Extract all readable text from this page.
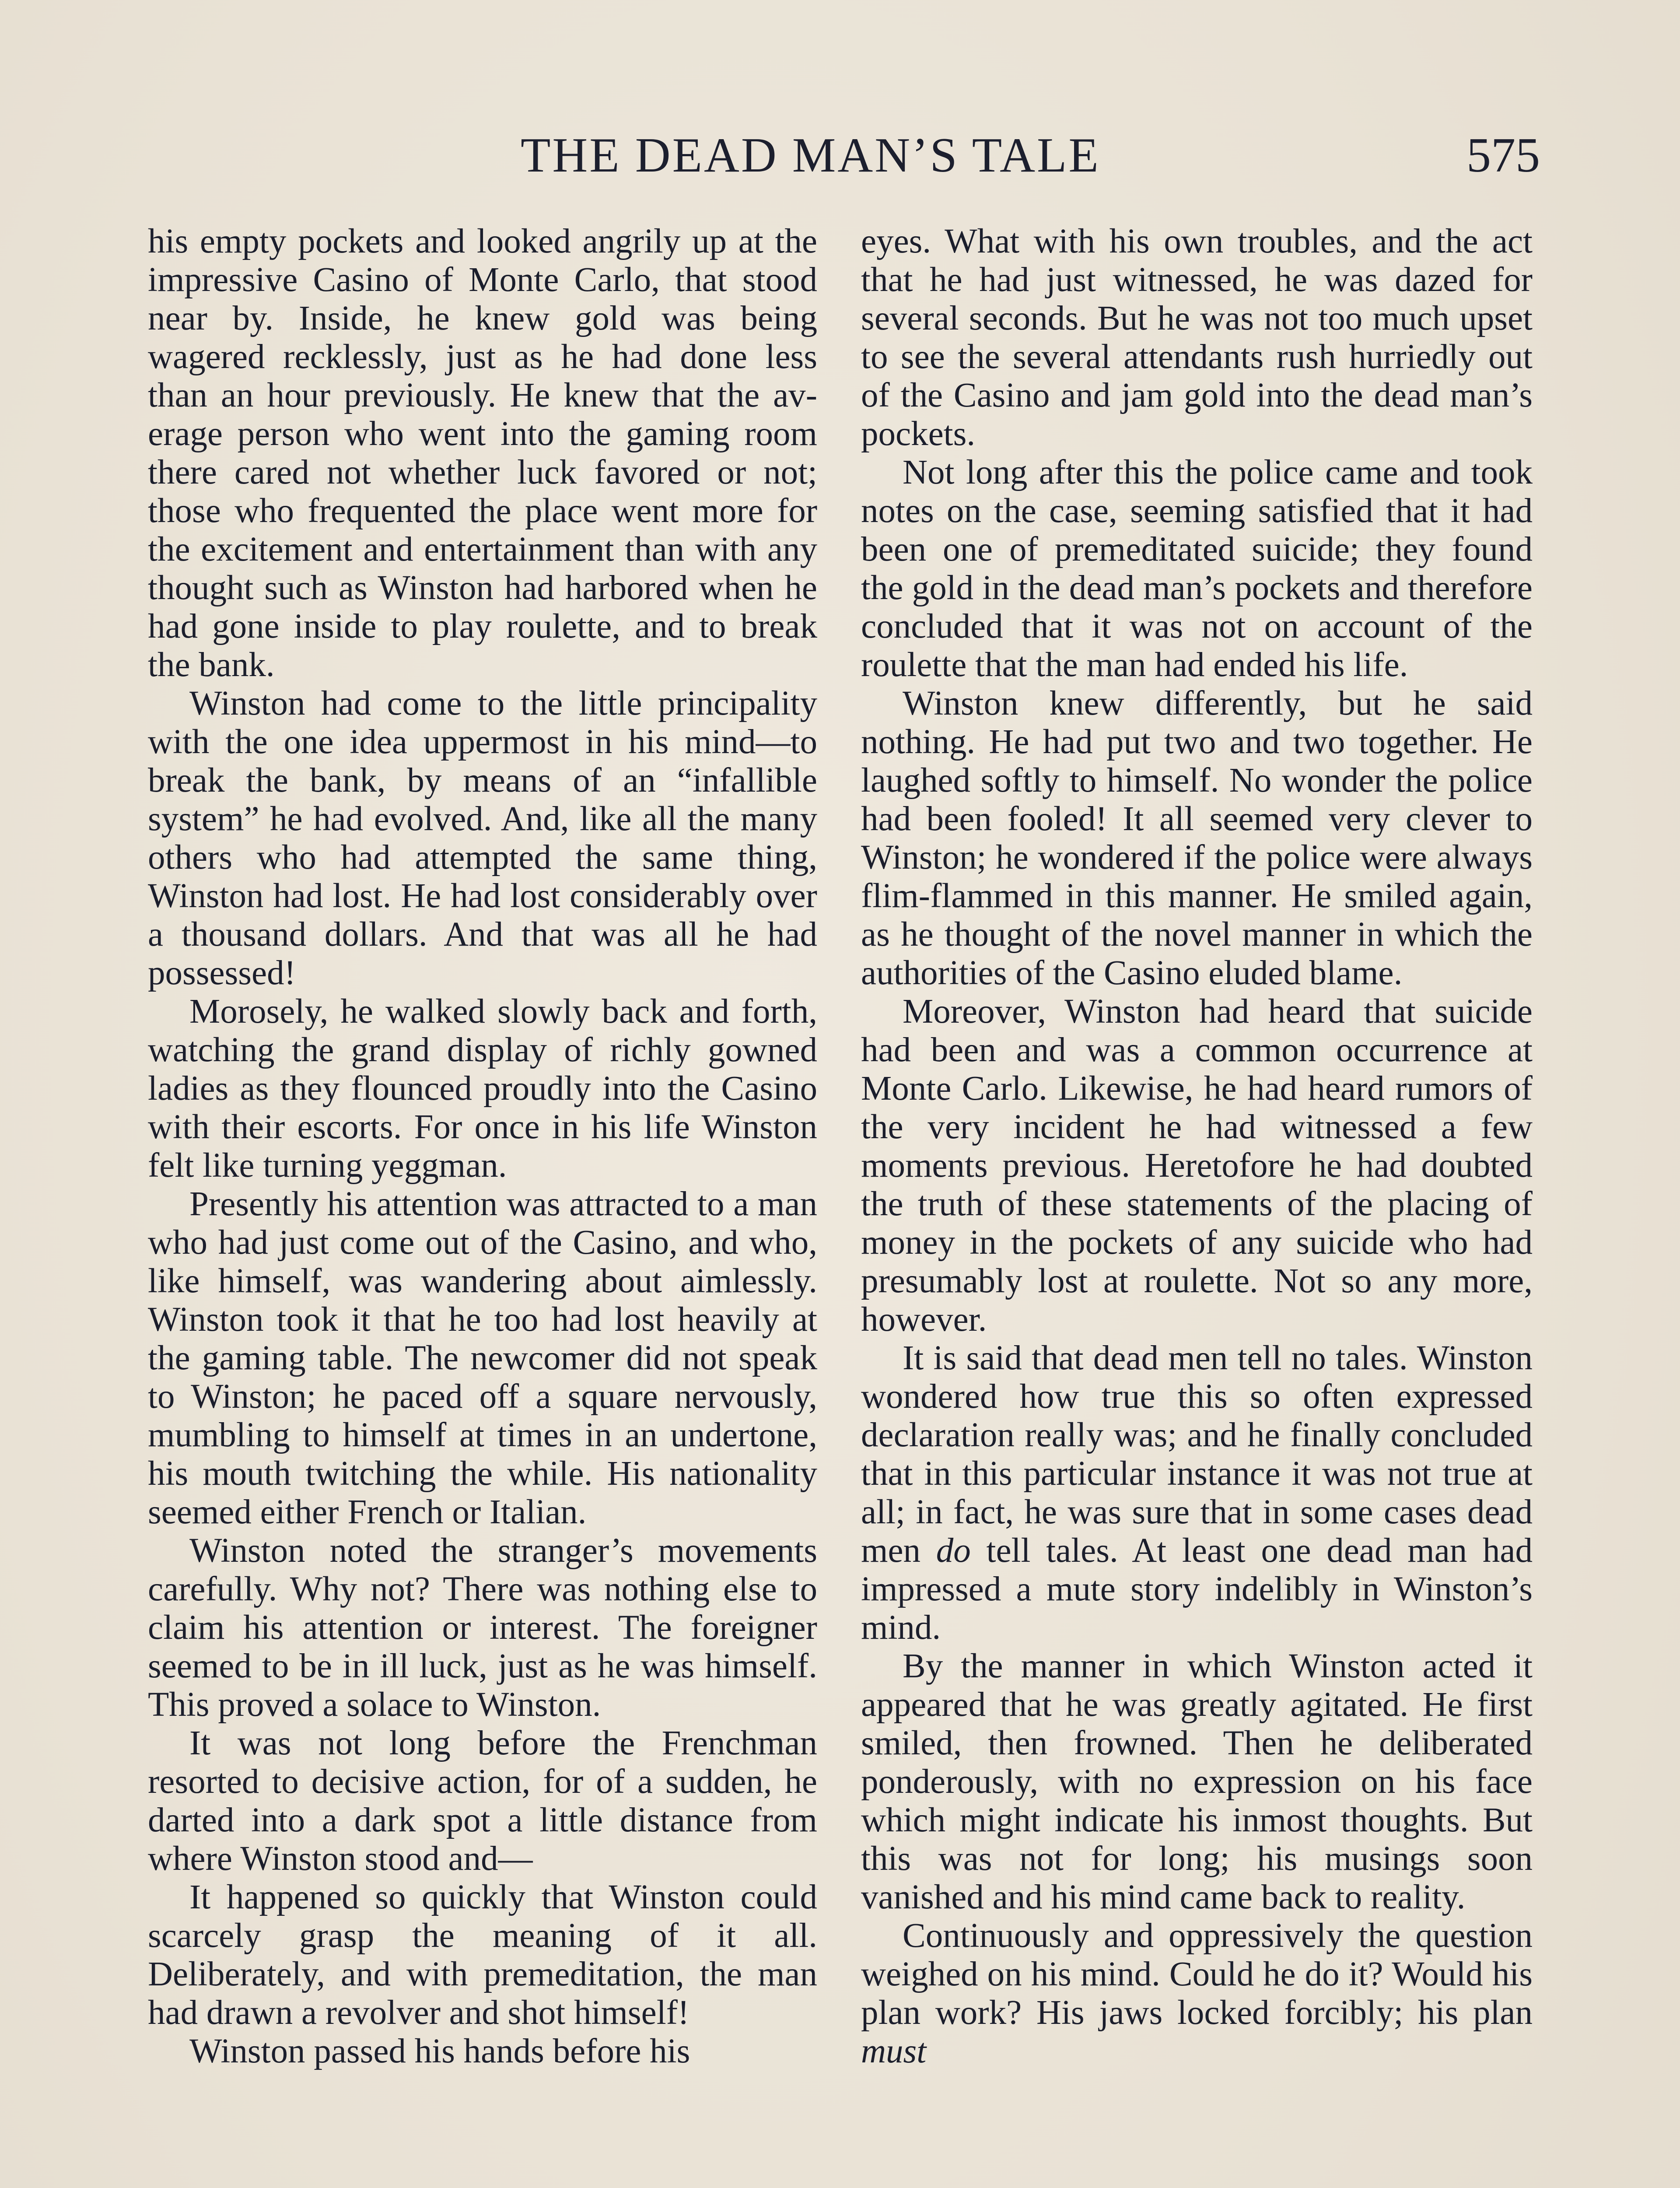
THE DEAD MAN’S TALE	575

his empty pockets and looked angrily up at the impressive Casino of Monte Carlo, that stood near by. Inside, he knew gold was being wagered recklessly, just as he had done less than an hour previously. He knew that the average person who went into the gaming room there cared not whether luck favored or not; those who frequented the place went more for the excitement and entertainment than with any thought such as Winston had harbored when he had gone inside to play roulette, and to break the bank.

Winston had come to the little principality with the one idea uppermost in his mind—to break the bank, by means of an “infallible system” he had evolved. And, like all the many others who had attempted the same thing, Winston had lost. He had lost considerably over a thousand dollars. And that was all he had possessed!

Morosely, he walked slowly back and forth, watching the grand display of richly gowned ladies as they flounced proudly into the Casino with their escorts. For once in his life Winston felt like turning yeggman.

Presently his attention was attracted to a man who had just come out of the Casino, and who, like himself, was wandering about aimlessly. Winston took it that he too had lost heavily at the gaming table. The newcomer did not speak to Winston; he paced off a square nervously, mumbling to himself at times in an undertone, his mouth twitching the while. His nationality seemed either French or Italian.

Winston noted the stranger’s movements carefully. Why not? There was nothing else to claim his attention or interest. The foreigner seemed to be in ill luck, just as he was himself. This proved a solace to Winston.

It was not long before the Frenchman resorted to decisive action, for of a sudden, he darted into a dark spot a little distance from where Winston stood and—

It happened so quickly that Winston could scarcely grasp the meaning of it all. Deliberately, and with premeditation, the man had drawn a revolver and shot himself!

Winston passed his hands before his

eyes. What with his own troubles, and the act that he had just witnessed, he was dazed for several seconds. But he was not too much upset to see the several attendants rush hurriedly out of the Casino and jam gold into the dead man’s pockets.

Not long after this the police came and took notes on the case, seeming satisfied that it had been one of premeditated suicide; they found the gold in the dead man’s pockets and therefore concluded that it was not on account of the roulette that the man had ended his life.

Winston knew differently, but he said nothing. He had put two and two together. He laughed softly to himself. No wonder the police had been fooled! It all seemed very clever to Winston; he wondered if the police were always flim-flammed in this manner. He smiled again, as he thought of the novel manner in which the authorities of the Casino eluded blame.

Moreover, Winston had heard that suicide had been and was a common occurrence at Monte Carlo. Likewise, he had heard rumors of the very incident he had witnessed a few moments previous. Heretofore he had doubted the truth of these statements of the placing of money in the pockets of any suicide who had presumably lost at roulette. Not so any more, however.

It is said that dead men tell no tales. Winston wondered how true this so often expressed declaration really was; and he finally concluded that in this particular instance it was not true at all; in fact, he was sure that in some cases dead men do tell tales. At least one dead man had impressed a mute story indelibly in Winston’s mind.

By the manner in which Winston acted it appeared that he was greatly agitated. He first smiled, then frowned. Then he deliberated ponderously, with no expression on his face which might indicate his inmost thoughts. But this was not for long; his musings soon vanished and his mind came back to reality.

Continuously and oppressively the question weighed on his mind. Could he do it? Would his plan work? His jaws locked forcibly; his plan must
